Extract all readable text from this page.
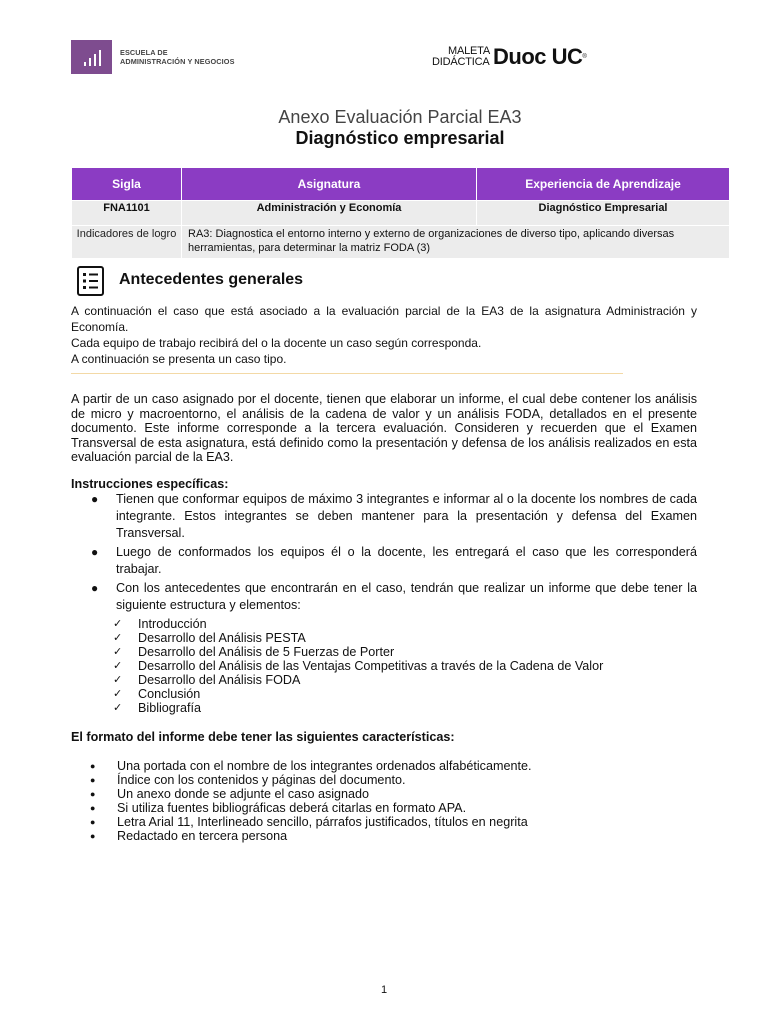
ESCUELA DE
ADMINISTRACIÓN Y NEGOCIOS
MALETA
DIDÁCTICA Duoc UC®
Anexo Evaluación Parcial EA3
Diagnóstico empresarial
Sigla	Asignatura	Experiencia de Aprendizaje
FNA1101	Administración y Economía	Diagnóstico Empresarial
Indicadores de logro	RA3: Diagnostica el entorno interno y externo de organizaciones de diverso tipo, aplicando diversas herramientas, para determinar la matriz FODA (3)	
Antecedentes generales

A continuación el caso que está asociado a la evaluación parcial de la EA3 de la asignatura Administración y Economía.

Cada equipo de trabajo recibirá del o la docente un caso según corresponda.

A continuación se presenta un caso tipo.

A partir de un caso asignado por el docente, tienen que elaborar un informe, el cual debe contener los análisis de micro y macroentorno, el análisis de la cadena de valor y un análisis FODA, detallados en el presente documento. Este informe corresponde a la tercera evaluación. Consideren y recuerden que el Examen Transversal de esta asignatura, está definido como la presentación y defensa de los análisis realizados en esta evaluación parcial de la EA3.
Instrucciones específicas:
● Tienen que conformar equipos de máximo 3 integrantes e informar al o la docente los nombres de cada integrante. Estos integrantes se deben mantener para la presentación y defensa del Examen Transversal.
● Luego de conformados los equipos él o la docente, les entregará el caso que les corresponderá trabajar.
● Con los antecedentes que encontrarán en el caso, tendrán que realizar un informe que debe tener la siguiente estructura y elementos:
✓ Introducción
✓ Desarrollo del Análisis PESTA
✓ Desarrollo del Análisis de 5 Fuerzas de Porter
✓ Desarrollo del Análisis de las Ventajas Competitivas a través de la Cadena de Valor
✓ Desarrollo del Análisis FODA
✓ Conclusión
✓ Bibliografía
El formato del informe debe tener las siguientes características:
● Una portada con el nombre de los integrantes ordenados alfabéticamente.
● Índice con los contenidos y páginas del documento.
● Un anexo donde se adjunte el caso asignado
● Si utiliza fuentes bibliográficas deberá citarlas en formato APA.
● Letra Arial 11, Interlineado sencillo, párrafos justificados, títulos en negrita
● Redactado en tercera persona
1
